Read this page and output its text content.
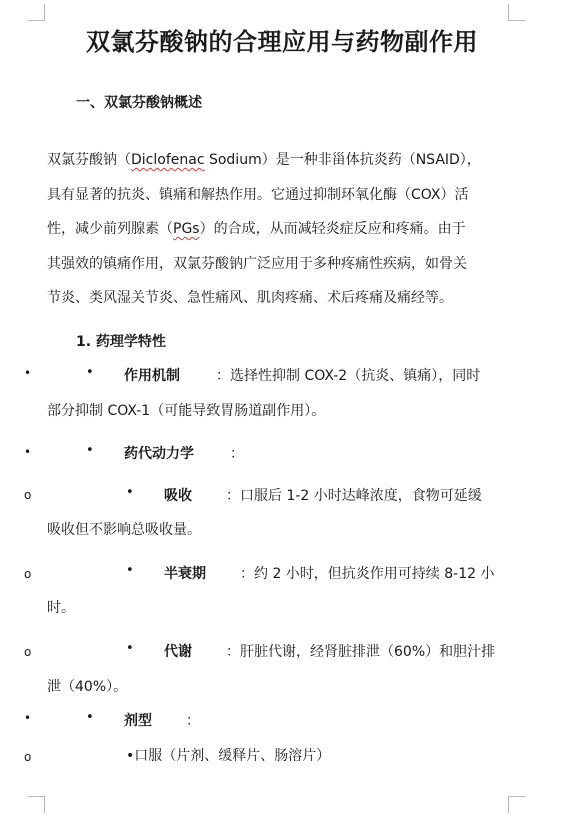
双氯芬酸钠的合理应用与药物副作用
一、双氯芬酸钠概述
双氯芬酸钠（Diclofenac Sodium）是一种非甾体抗炎药（NSAID），
具有显著的抗炎、镇痛和解热作用。它通过抑制环氧化酶（COX）活
性，减少前列腺素（PGs）的合成，从而减轻炎症反应和疼痛。由于
其强效的镇痛作用，双氯芬酸钠广泛应用于多种疼痛性疾病，如骨关
节炎、类风湿关节炎、急性痛风、肌肉疼痛、术后疼痛及痛经等。
1. 药理学特性
•	• 作用机制	：选择性抑制 COX-2（抗炎、镇痛），同时
部分抑制 COX-1（可能导致胃肠道副作用）。
•	• 药代动力学	：
o	• 吸收 ：口服后 1-2 小时达峰浓度，食物可延缓
吸收但不影响总吸收量。
o	• 半衰期 ：约 2 小时，但抗炎作用可持续 8-12 小
时。
o	• 代谢 ：肝脏代谢，经肾脏排泄（60%）和胆汁排
泄（40%）。
•	• 剂型 ：
o	•口服（片剂、缓释片、肠溶片）
